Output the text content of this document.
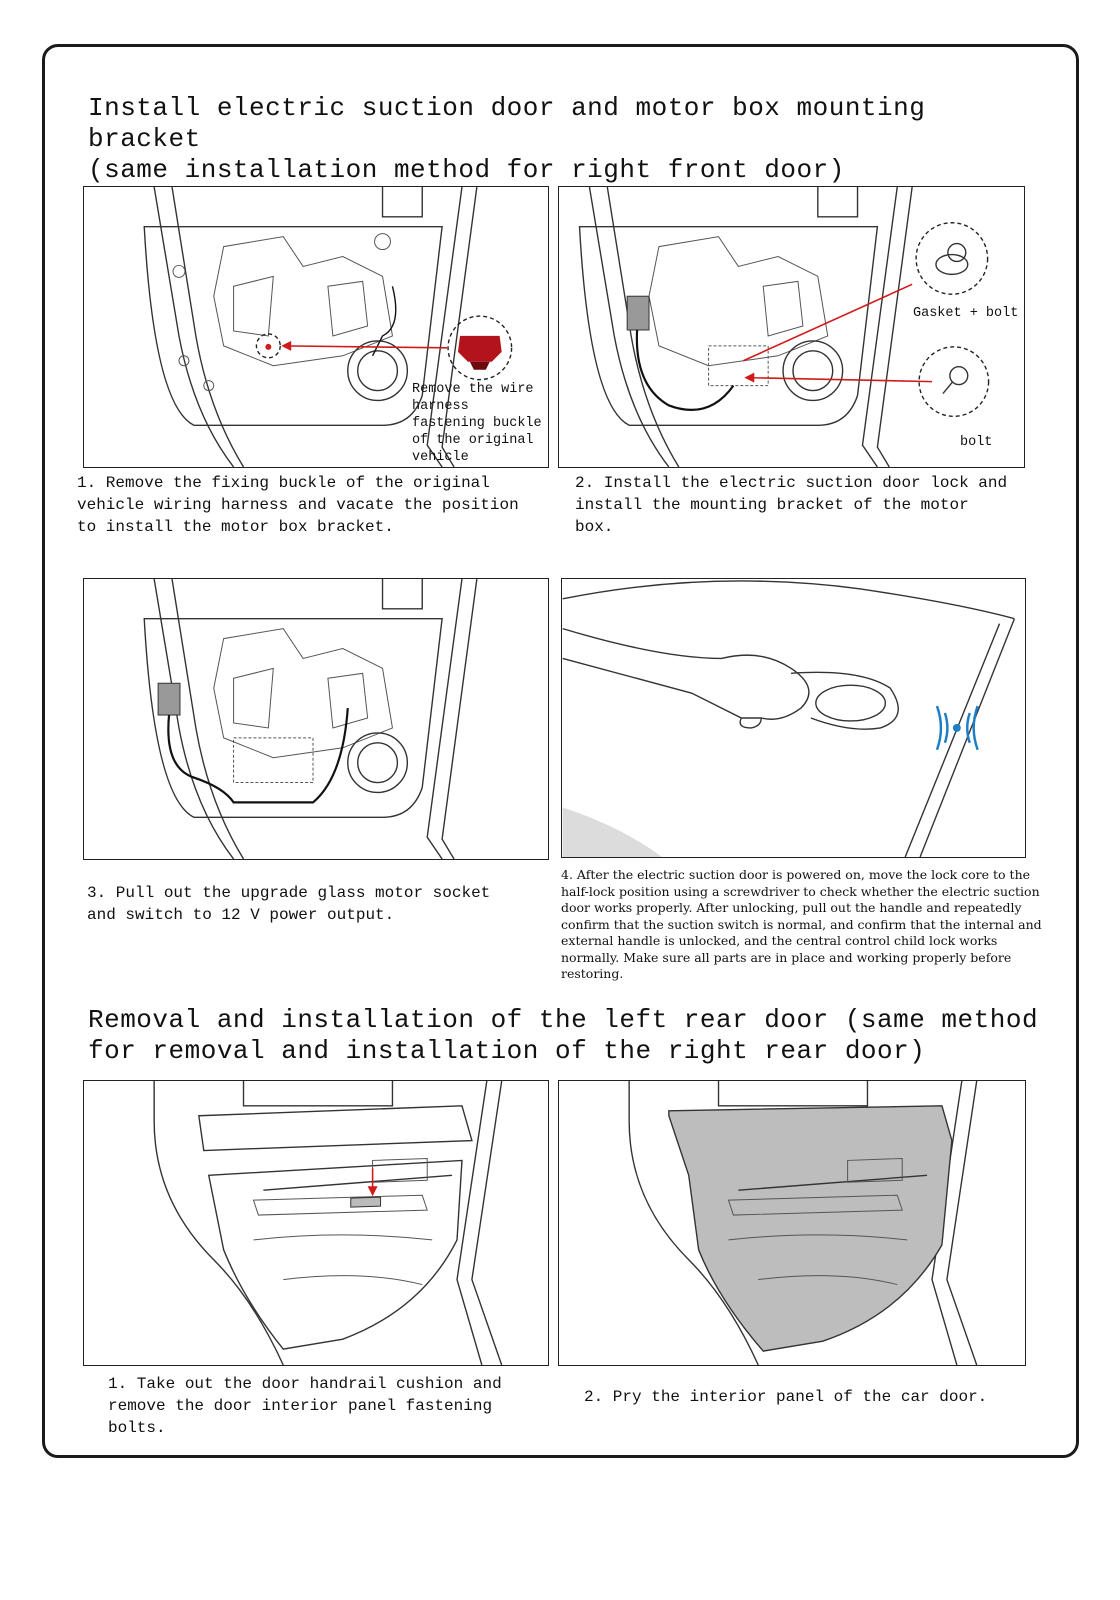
Install electric suction door and motor box mounting bracket
(same installation method for right front door)
Remove the wire harness fastening buckle of the original vehicle
1. Remove the fixing buckle of the original vehicle wiring harness and vacate the position to install the motor box bracket.
Gasket + bolt
bolt
2. Install the electric suction door lock and install the mounting bracket of the motor box.
3. Pull out the upgrade glass motor socket and switch to 12 V power output.
4. After the electric suction door is powered on, move the lock core to the half-lock position using a screwdriver to check whether the electric suction door works properly. After unlocking, pull out the handle and repeatedly confirm that the suction switch is normal, and confirm that the internal and external handle is unlocked, and the central control child lock works normally. Make sure all parts are in place and working properly before restoring.
Removal and installation of the left rear door (same method
for removal and installation of the right rear door)
1. Take out the door handrail cushion and remove the door interior panel fastening bolts.
2. Pry the interior panel of the car door.
